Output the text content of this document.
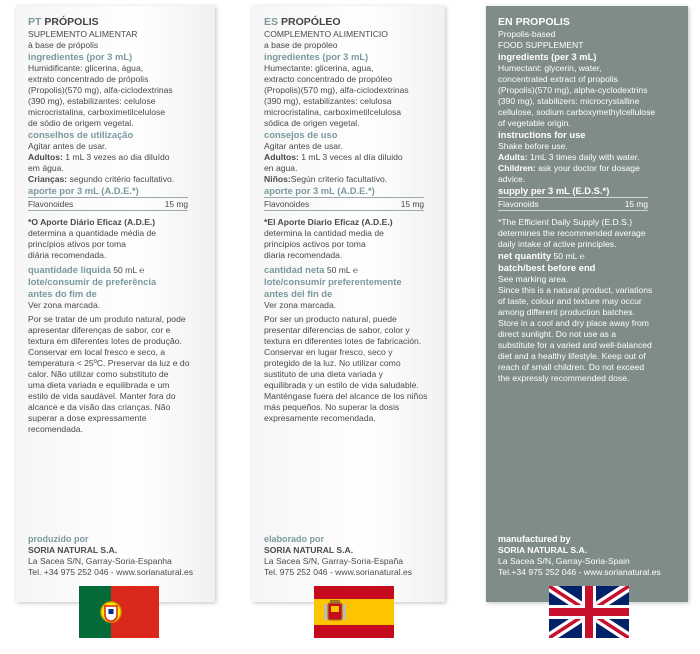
PT PRÓPOLIS
SUPLEMENTO ALIMENTAR
à base de própolis
ingredientes (por 3 mL)
Humidificante: glicerina, água,
extrato concentrado de própolis
(Propolis)(570 mg), alfa-ciclodextrinas
(390 mg), estabilizantes: celulose
microcristalina, carboximetilcelulose
de sódio de origem vegetal.
conselhos de utilização
Agitar antes de usar.
Adultos: 1 mL 3 vezes ao dia diluído
em água.
Crianças: segundo critério facultativo.
aporte por 3 mL (A.D.E.*)
Flavonoides	15 mg
*O Aporte Diário Eficaz (A.D.E.)
determina a quantidade média de
princípios ativos por toma
diária recomendada.
quantidade líquida 50 mL ℮
lote/consumir de preferência
antes do fim de
Ver zona marcada.
Por se tratar de um produto natural, pode
apresentar diferenças de sabor, cor e
textura em diferentes lotes de produção.
Conservar em local fresco e seco, a
temperatura < 25ºC. Preservar da luz e do
calor. Não utilizar como substituto de
uma dieta variada e equilibrada e um
estilo de vida saudável. Manter fora do
alcance e da visão das crianças. Não
superar a dose expressamente
recomendada.
produzido por
SORIA NATURAL S.A.
La Sacea S/N, Garray-Soria-Espanha
Tel. +34 975 252 046 - www.sorianatural.es
ES PROPÓLEO
COMPLEMENTO ALIMENTICIO
a base de propóleo
ingredientes (por 3 mL)
Humectante: glicerina, agua,
extracto concentrado de propóleo
(Propolis)(570 mg), alfa-ciclodextrinas
(390 mg), estabilizantes: celulosa
microcristalina, carboximetilcelulosa
sódica de origen vegetal.
consejos de uso
Agitar antes de usar.
Adultos: 1 mL 3 veces al día diluido
en agua.
Niños:Según criterio facultativo.
aporte por 3 mL (A.D.E.*)
Flavonoides	15 mg
*El Aporte Diario Eficaz (A.D.E.)
determina la cantidad media de
principios activos por toma
diaria recomendada.
cantidad neta 50 mL ℮
lote/consumir preferentemente
antes del fin de
Ver zona marcada.
Por ser un producto natural, puede
presentar diferencias de sabor, color y
textura en diferentes lotes de fabricación.
Conservar en lugar fresco, seco y
protegido de la luz. No utilizar como
sustituto de una dieta variada y
equilibrada y un estilo de vida saludable.
Manténgase fuera del alcance de los niños
más pequeños. No superar la dosis
expresamente recomendada.
elaborado por
SORIA NATURAL S.A.
La Sacea S/N, Garray-Soria-España
Tel. 975 252 046 - www.sorianatural.es
EN PROPOLIS
Propolis-based
FOOD SUPPLEMENT
ingredients (per 3 mL)
Humectant: glycerin, water,
concentrated extract of propolis
(Propolis)(570 mg), alpha-cyclodextrins
(390 mg), stabilizers: microcrystalline
cellulose, sodium carboxymethylcellulose
of vegetable origin.
instructions for use
Shake before use.
Adults: 1mL 3 times daily with water.
Children: ask your doctor for dosage
advice.
supply per 3 mL (E.D.S.*)
Flavonoids	15 mg
*The Efficient Daily Supply (E.D.S.)
determines the recommended average
daily intake of active principles.
net quantity 50 mL ℮
batch/best before end
See marking area.
Since this is a natural product, variations
of taste, colour and texture may occur
among different production batches.
Store in a cool and dry place away from
direct sunlight. Do not use as a
substitute for a varied and well-balanced
diet and a healthy lifestyle. Keep out of
reach of small children. Do not exceed
the expressly recommended dose.
manufactured by
SORIA NATURAL S.A.
La Sacea S/N, Garray-Soria-Spain
Tel.+34 975 252 046 - www.sorianatural.es
